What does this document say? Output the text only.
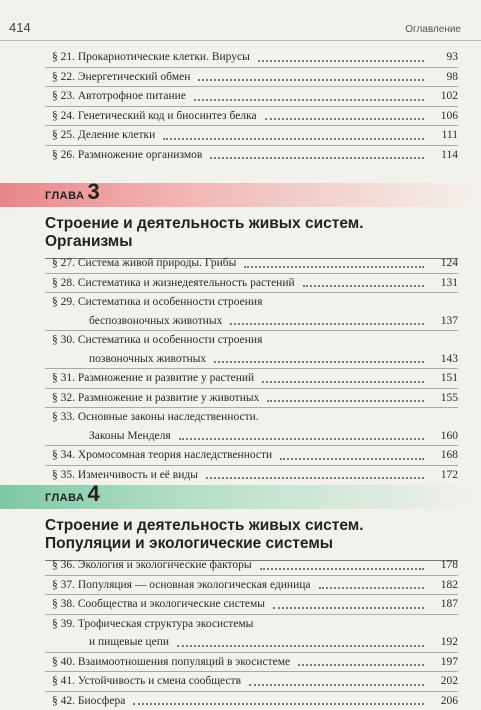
414	Оглавление
§ 21. Прокариотические клетки. Вирусы	93
§ 22. Энергетический обмен	98
§ 23. Автотрофное питание	102
§ 24. Генетический код и биосинтез белка	106
§ 25. Деление клетки	111
§ 26. Размножение организмов	114
ГЛАВА 3
Строение и деятельность живых систем.
Организмы
§ 27. Система живой природы. Грибы	124
§ 28. Систематика и жизнедеятельность растений	131
§ 29. Систематика и особенности строения
беспозвоночных животных	137
§ 30. Систематика и особенности строения
позвоночных животных	143
§ 31. Размножение и развитие у растений	151
§ 32. Размножение и развитие у животных	155
§ 33. Основные законы наследственности.
Законы Менделя	160
§ 34. Хромосомная теория наследственности	168
§ 35. Изменчивость и её виды	172
ГЛАВА 4
Строение и деятельность живых систем.
Популяции и экологические системы
§ 36. Экология и экологические факторы	178
§ 37. Популяция — основная экологическая единица	182
§ 38. Сообщества и экологические системы	187
§ 39. Трофическая структура экосистемы
и пищевые цепи	192
§ 40. Взаимоотношения популяций в экосистеме	197
§ 41. Устойчивость и смена сообществ	202
§ 42. Биосфера	206
